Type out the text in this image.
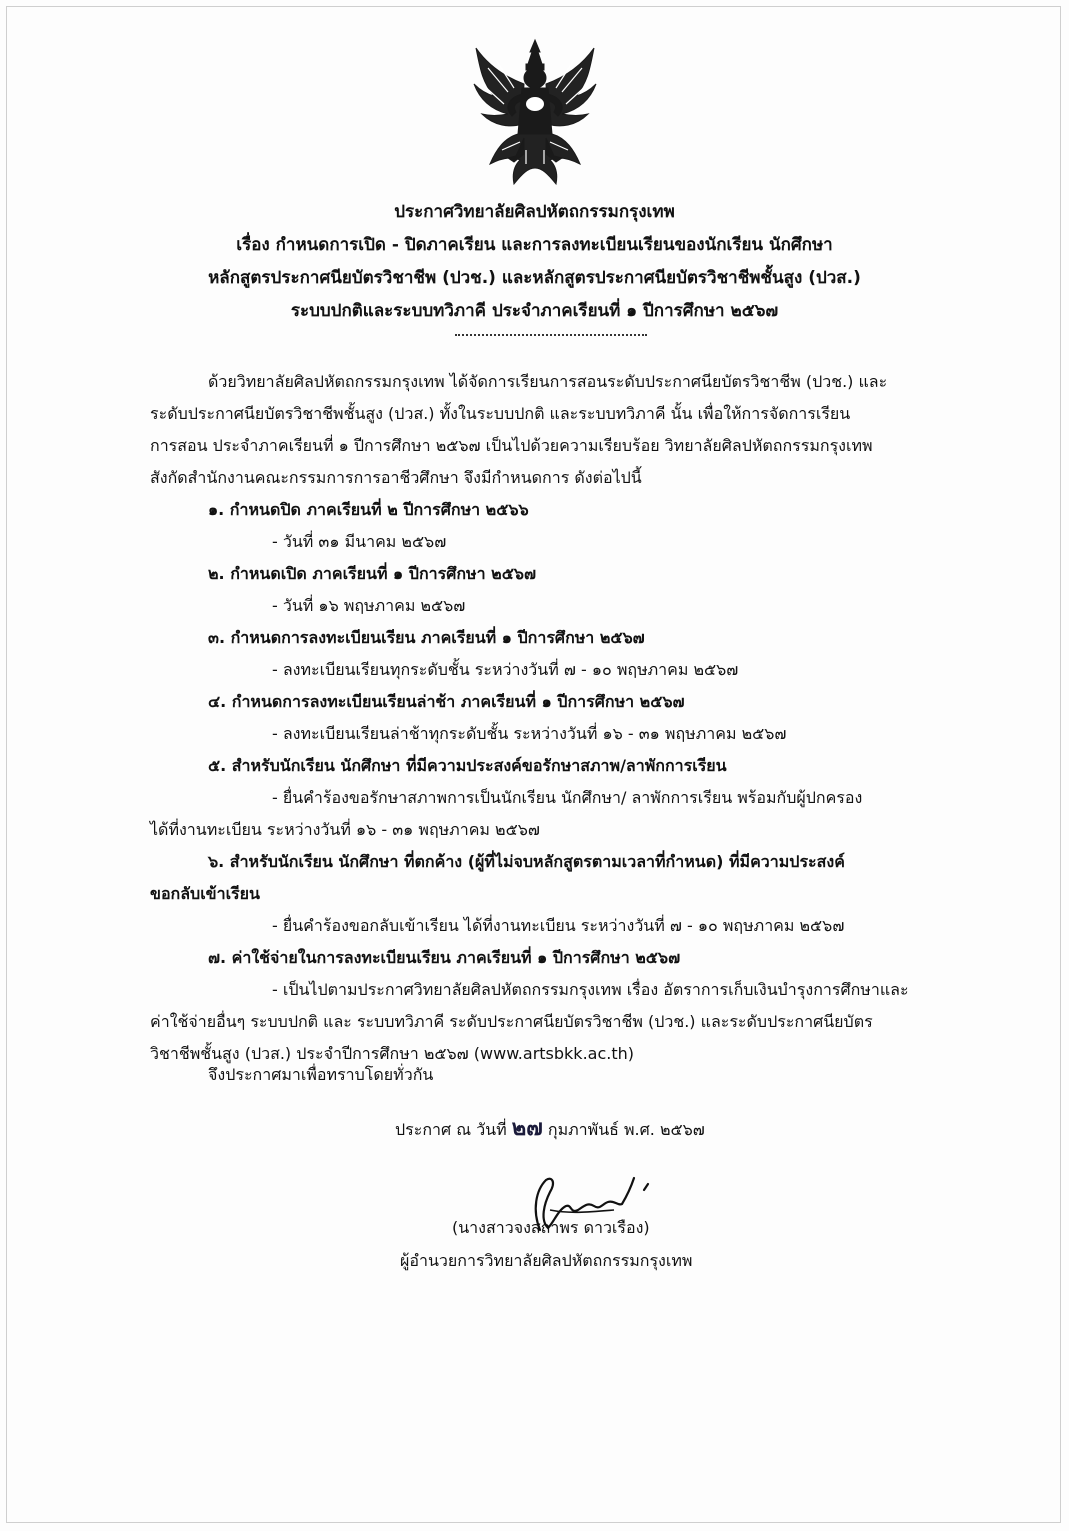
ประกาศวิทยาลัยศิลปหัตถกรรมกรุงเทพ
เรื่อง กำหนดการเปิด - ปิดภาคเรียน และการลงทะเบียนเรียนของนักเรียน นักศึกษา
หลักสูตรประกาศนียบัตรวิชาชีพ (ปวช.) และหลักสูตรประกาศนียบัตรวิชาชีพชั้นสูง (ปวส.)
ระบบปกติและระบบทวิภาคี ประจำภาคเรียนที่ ๑ ปีการศึกษา ๒๕๖๗
ด้วยวิทยาลัยศิลปหัตถกรรมกรุงเทพ ได้จัดการเรียนการสอนระดับประกาศนียบัตรวิชาชีพ (ปวช.) และ
ระดับประกาศนียบัตรวิชาชีพชั้นสูง (ปวส.) ทั้งในระบบปกติ และระบบทวิภาคี นั้น เพื่อให้การจัดการเรียน
การสอน ประจำภาคเรียนที่ ๑ ปีการศึกษา ๒๕๖๗ เป็นไปด้วยความเรียบร้อย วิทยาลัยศิลปหัตถกรรมกรุงเทพ
สังกัดสำนักงานคณะกรรมการการอาชีวศึกษา จึงมีกำหนดการ ดังต่อไปนี้
๑. กำหนดปิด ภาคเรียนที่ ๒ ปีการศึกษา ๒๕๖๖
- วันที่ ๓๑ มีนาคม ๒๕๖๗
๒. กำหนดเปิด ภาคเรียนที่ ๑ ปีการศึกษา ๒๕๖๗
- วันที่ ๑๖ พฤษภาคม ๒๕๖๗
๓. กำหนดการลงทะเบียนเรียน ภาคเรียนที่ ๑ ปีการศึกษา ๒๕๖๗
- ลงทะเบียนเรียนทุกระดับชั้น ระหว่างวันที่ ๗ - ๑๐ พฤษภาคม ๒๕๖๗
๔. กำหนดการลงทะเบียนเรียนล่าช้า ภาคเรียนที่ ๑ ปีการศึกษา ๒๕๖๗
- ลงทะเบียนเรียนล่าช้าทุกระดับชั้น ระหว่างวันที่ ๑๖ - ๓๑ พฤษภาคม ๒๕๖๗
๕. สำหรับนักเรียน นักศึกษา ที่มีความประสงค์ขอรักษาสภาพ/ลาพักการเรียน
- ยื่นคำร้องขอรักษาสภาพการเป็นนักเรียน นักศึกษา/ ลาพักการเรียน พร้อมกับผู้ปกครอง
ได้ที่งานทะเบียน ระหว่างวันที่ ๑๖ - ๓๑ พฤษภาคม ๒๕๖๗
๖. สำหรับนักเรียน นักศึกษา ที่ตกค้าง (ผู้ที่ไม่จบหลักสูตรตามเวลาที่กำหนด) ที่มีความประสงค์
ขอกลับเข้าเรียน
- ยื่นคำร้องขอกลับเข้าเรียน ได้ที่งานทะเบียน ระหว่างวันที่ ๗ - ๑๐ พฤษภาคม ๒๕๖๗
๗. ค่าใช้จ่ายในการลงทะเบียนเรียน ภาคเรียนที่ ๑ ปีการศึกษา ๒๕๖๗
- เป็นไปตามประกาศวิทยาลัยศิลปหัตถกรรมกรุงเทพ เรื่อง อัตราการเก็บเงินบำรุงการศึกษาและ
ค่าใช้จ่ายอื่นๆ ระบบปกติ และ ระบบทวิภาคี ระดับประกาศนียบัตรวิชาชีพ (ปวช.) และระดับประกาศนียบัตร
วิชาชีพชั้นสูง (ปวส.) ประจำปีการศึกษา ๒๕๖๗ (www.artsbkk.ac.th)
จึงประกาศมาเพื่อทราบโดยทั่วกัน
ประกาศ ณ วันที่ ๒๗ กุมภาพันธ์ พ.ศ. ๒๕๖๗
(นางสาวจงสถาพร ดาวเรือง)
ผู้อำนวยการวิทยาลัยศิลปหัตถกรรมกรุงเทพ
